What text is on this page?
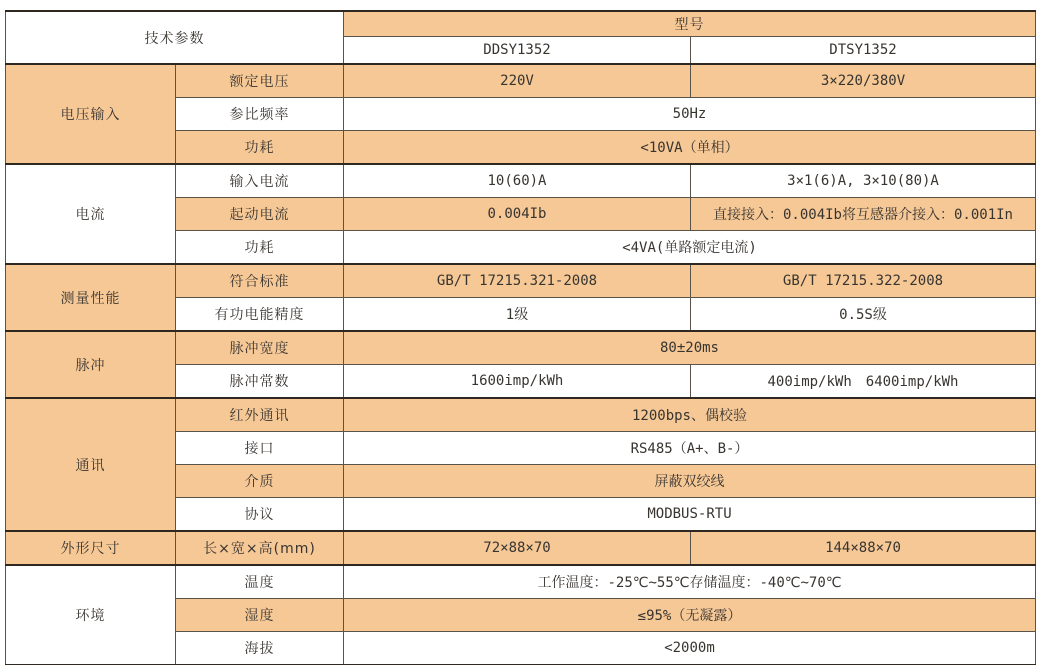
技术参数		型号	
		DDSY1352	DTSY1352
电压输入	额定电压	220V	3×220/380V
	参比频率	50Hz	
	功耗	<10VA（单相）	
电流	输入电流	10(60)A	3×1(6)A, 3×10(80)A
	起动电流	0.004Ib	直接接入：0.004Ib将互感器介接入：0.001In
	功耗	<4VA(单路额定电流)	
测量性能	符合标准	GB/T 17215.321-2008	GB/T 17215.322-2008
	有功电能精度	1级	0.5S级
脉冲	脉冲宽度	80±20ms	
	脉冲常数	1600imp/kWh	400imp/kWh　6400imp/kWh
通讯	红外通讯	1200bps、偶校验	
	接口	RS485（A+、B-）	
	介质	屏蔽双绞线	
	协议	MODBUS-RTU	
外形尺寸	长×宽×高(mm)	72×88×70	144×88×70
环境	温度	工作温度：-25℃~55℃存储温度：-40℃~70℃	
	湿度	≤95%（无凝露）	
	海拔	<2000m	
